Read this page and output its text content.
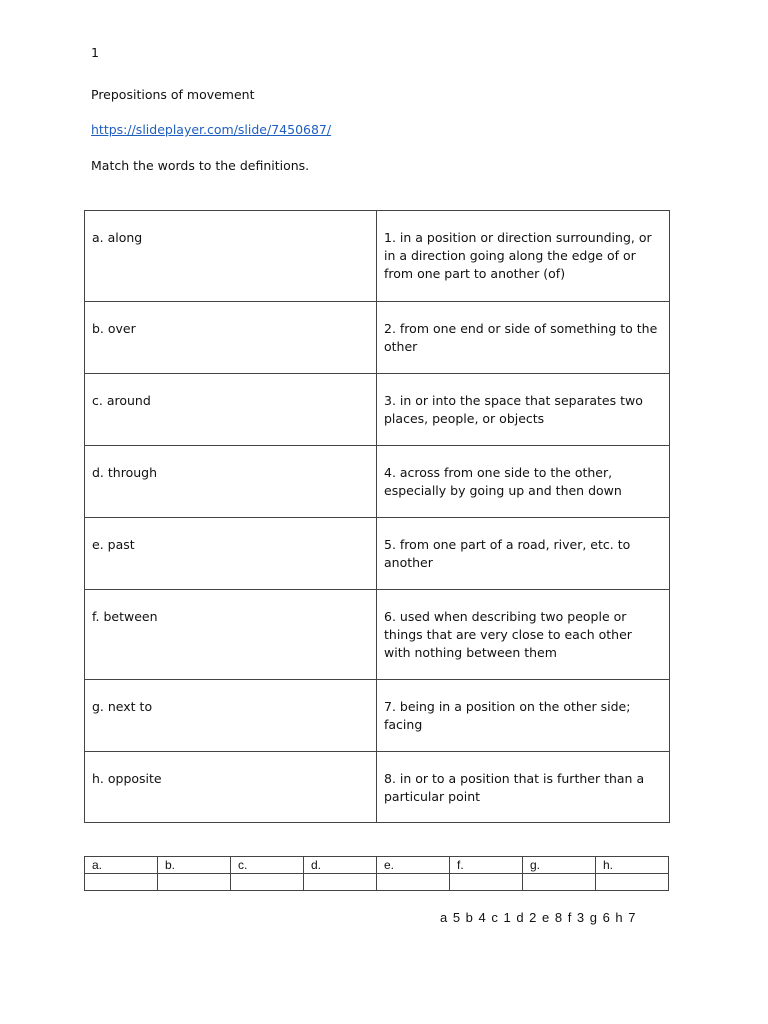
1
Prepositions of movement
https://slideplayer.com/slide/7450687/
Match the words to the definitions.
a. along	1. in a position or direction surrounding, or in a direction going along the edge of or from one part to another (of)
b. over	2. from one end or side of something to the other
c. around	3. in or into the space that separates two places, people, or objects
d. through	4. across from one side to the other, especially by going up and then down
e. past	5. from one part of a road, river, etc. to another
f. between	6. used when describing two people or things that are very close to each other with nothing between them
g. next to	7. being in a position on the other side; facing
h. opposite	8. in or to a position that is further than a particular point
a.	b.	c.	d.	e.	f.	g.	h.

a 5 b 4 c 1 d 2 e 8 f 3 g 6 h 7
